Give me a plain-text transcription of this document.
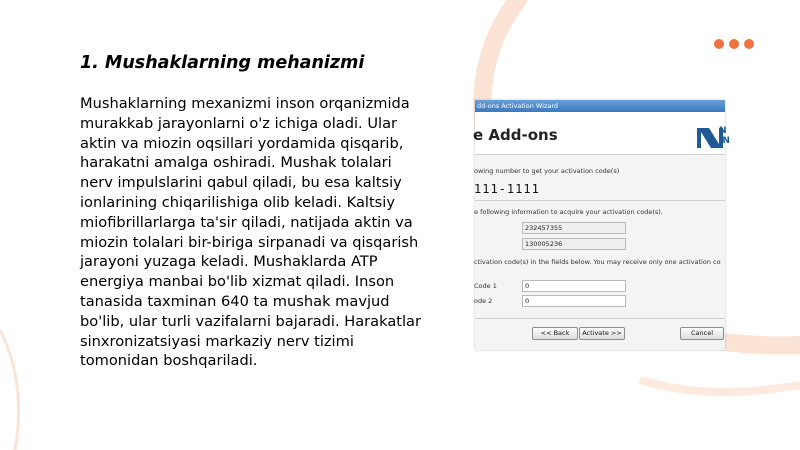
1. Mushaklarning mehanizmi
Mushaklarning mexanizmi inson orqanizmida murakkab jarayonlarni o'z ichiga oladi. Ular aktin va miozin oqsillari yordamida qisqarib, harakatni amalga oshiradi. Mushak tolalari nerv impulslarini qabul qiladi, bu esa kaltsiy ionlarining chiqarilishiga olib keladi. Kaltsiy miofibrillarlarga ta'sir qiladi, natijada aktin va miozin tolalari bir-biriga sirpanadi va qisqarish jarayoni yuzaga keladi. Mushaklarda ATP energiya manbai bo'lib xizmat qiladi. Inson tanasida taxminan 640 ta mushak mavjud bo'lib, ular turli vazifalarni bajaradi. Harakatlar sinxronizatsiyasi markaziy nerv tizimi tomonidan boshqariladi.
dd-ons Activation Wizard
e Add-ons	N
IN
owing number to get your activation code(s)
111-1111
e following information to acquire your activation code(s).
232457355
130005236
ctivation code(s) in the fields below. You may receive only one activation co
Code 1	0
ode 2	0
<< Back	Activate >>	Cancel
